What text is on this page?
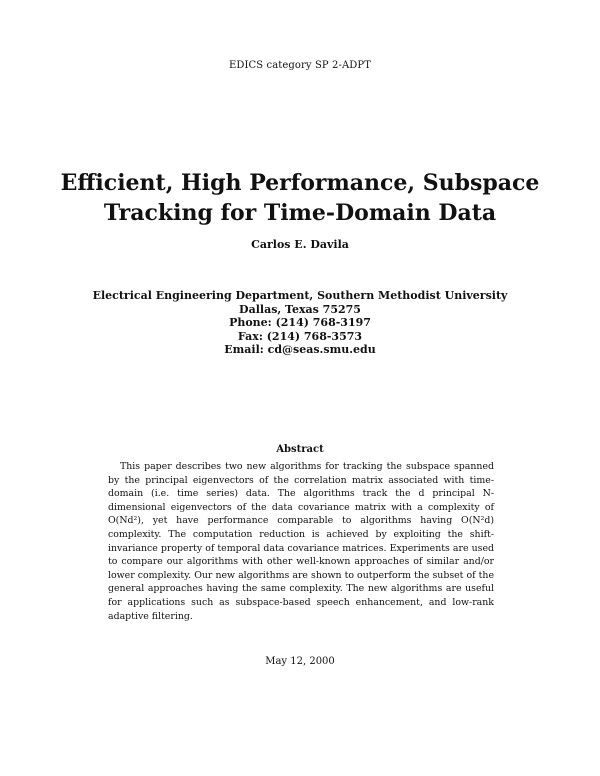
EDICS category SP 2-ADPT
Efficient, High Performance, Subspace
Tracking for Time-Domain Data
Carlos E. Davila
Electrical Engineering Department, Southern Methodist University
Dallas, Texas 75275
Phone: (214) 768-3197
Fax: (214) 768-3573
Email: cd@seas.smu.edu
Abstract
This paper describes two new algorithms for tracking the subspace spanned by the principal eigenvectors of the correlation matrix associated with time-domain (i.e. time series) data. The algorithms track the d principal N-dimensional eigenvectors of the data covariance matrix with a complexity of O(Nd²), yet have performance comparable to algorithms having O(N²d) complexity. The computation reduction is achieved by exploiting the shift-invariance property of temporal data covariance matrices. Experiments are used to compare our algorithms with other well-known approaches of similar and/or lower complexity. Our new algorithms are shown to outperform the subset of the general approaches having the same complexity. The new algorithms are useful for applications such as subspace-based speech enhancement, and low-rank adaptive filtering.
May 12, 2000
